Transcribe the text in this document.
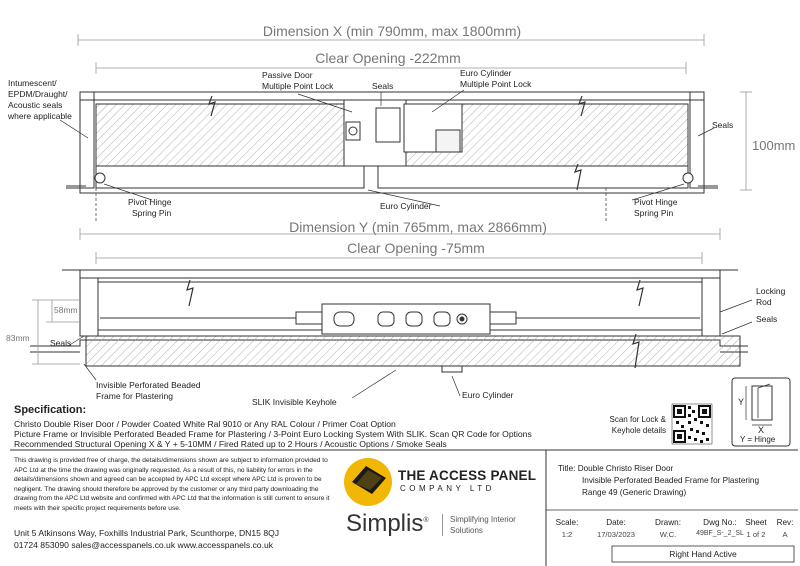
Dimension X (min 790mm, max 1800mm)
Clear Opening -222mm
100mm
Intumescent/
EPDM/Draught/
Acoustic seals
where applicable
Passive Door
Multiple Point Lock	Seals
Euro Cylinder
Multiple Point Lock
Seals
Pivot Hinge
Spring Pin
Euro Cylinder	Pivot Hinge
Spring Pin
Dimension Y (min 765mm, max 2866mm)
Clear Opening -75mm
58mm
83mm Seals
Locking
Rod
Seals
Invisible Perforated Beaded
Frame for Plastering
SLIK Invisible Keyhole
Euro Cylinder
Y
X
Y = Hinge
Scan for Lock &
Keyhole details
Specification:
Christo Double Riser Door / Powder Coated White Ral 9010 or Any RAL Colour / Primer Coat Option
Picture Frame or Invisible Perforated Beaded Frame for Plastering / 3-Point Euro Locking System With SLIK. Scan QR Code for Options
Recommended Structural Opening X & Y + 5-10MM / Fired Rated up to 2 Hours / Acoustic Options / Smoke Seals
This drawing is provided free of charge, the details/dimensions shown are subject to information provided to APC Ltd at the time the drawing was originally requested. As a result of this, no liability for errors in the details/dimensions shown and agreed can be accepted by APC Ltd except where APC Ltd is proven to be negligent. The drawing should therefore be approved by the customer or any third party downloading the drawing from the APC Ltd website and confirmed with APC Ltd that the information is still current to ensure it meets with their specific project requirements before use.
Unit 5 Atkinsons Way, Foxhills Industrial Park, Scunthorpe, DN15 8QJ
01724 853090 sales@accesspanels.co.uk www.accesspanels.co.uk
THE ACCESS PANEL
COMPANY LTD
Simplis®	Simplifying Interior
Solutions
Title: Double Christo Riser Door
Invisible Perforated Beaded Frame for Plastering
Range 49 (Generic Drawing)
Scale:
1:2
Date:
17/03/2023
Drawn:
W.C.
Dwg No.:
49BF_S-_2_SL
Sheet
1 of 2
Rev:
A
Right Hand Active
